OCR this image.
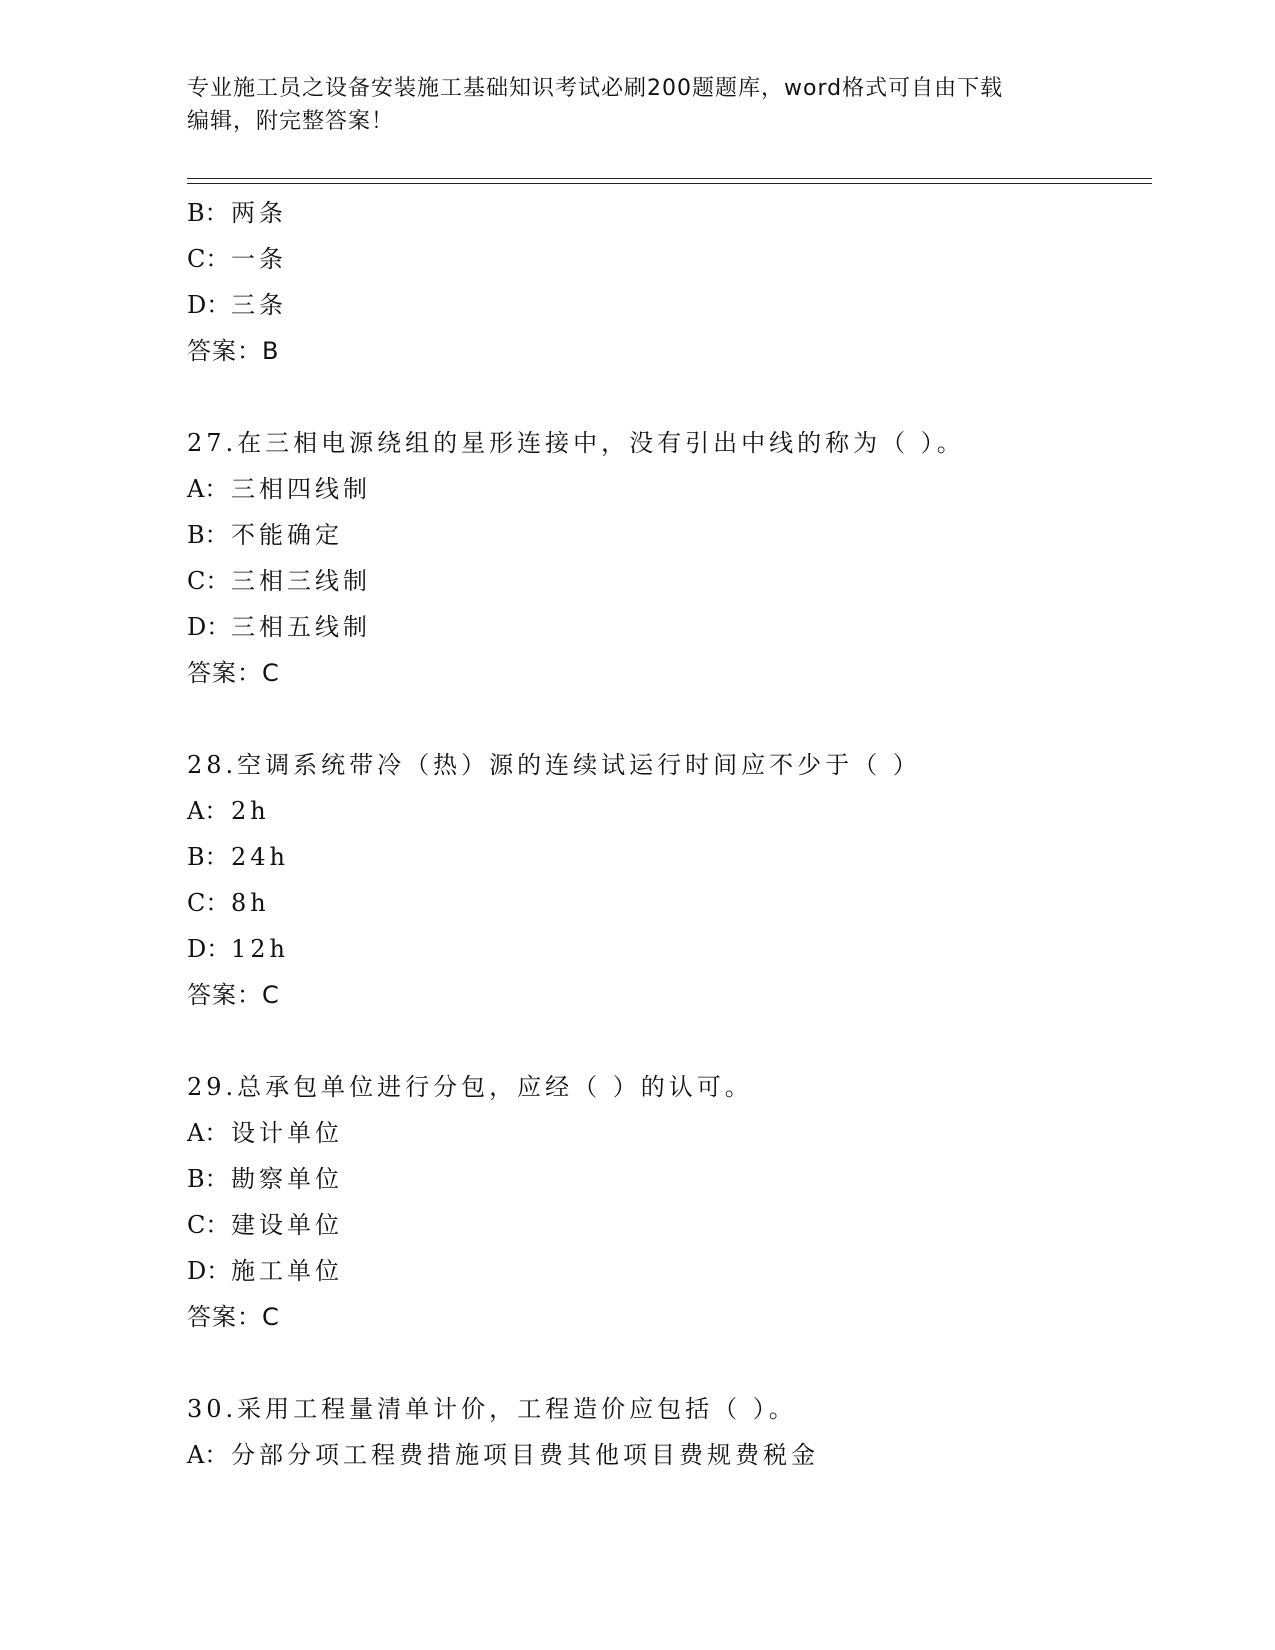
专业施工员之设备安装施工基础知识考试必刷200题题库，word格式可自由下载
编辑，附完整答案！
B：两条
C：一条
D：三条
答案：B
27.在三相电源绕组的星形连接中，没有引出中线的称为（ ）。
A： 三相四线制
B：不能确定
C：三相三线制
D：三相五线制
答案：C
28.空调系统带冷（热）源的连续试运行时间应不少于（ ）
A： 2h
B：24h
C：8h
D：12h
答案：C
29.总承包单位进行分包，应经（ ）的认可。
A： 设计单位
B：勘察单位
C：建设单位
D：施工单位
答案：C
30.采用工程量清单计价，工程造价应包括（ ）。
A： 分部分项工程费措施项目费其他项目费规费税金
